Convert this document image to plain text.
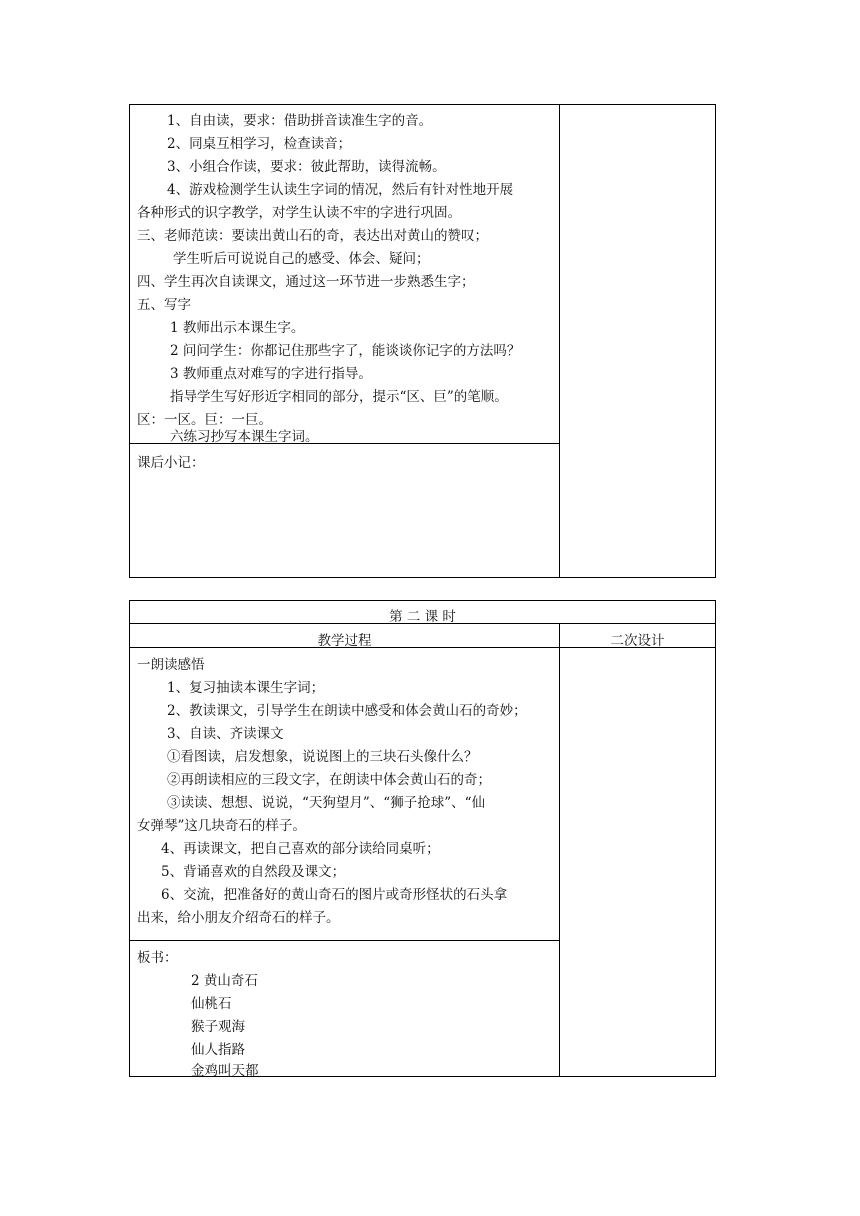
1、自由读，要求：借助拼音读准生字的音。
2、同桌互相学习，检查读音；
3、小组合作读，要求：彼此帮助，读得流畅。
4、游戏检测学生认读生字词的情况，然后有针对性地开展
各种形式的识字教学，对学生认读不牢的字进行巩固。
三、老师范读：要读出黄山石的奇，表达出对黄山的赞叹；
学生听后可说说自己的感受、体会、疑问；
四、学生再次自读课文，通过这一环节进一步熟悉生字；
五、写字
1 教师出示本课生字。
2 问问学生：你都记住那些字了，能谈谈你记字的方法吗？
3 教师重点对难写的字进行指导。
指导学生写好形近字相同的部分，提示“区、巨”的笔顺。
区：一区。巨：一巨。
六练习抄写本课生字词。
课后小记：
第 二 课 时
教学过程	二次设计
一朗读感悟
1、复习抽读本课生字词；
2、教读课文，引导学生在朗读中感受和体会黄山石的奇妙；
3、自读、齐读课文
①看图读，启发想象，说说图上的三块石头像什么？
②再朗读相应的三段文字，在朗读中体会黄山石的奇；
③读读、想想、说说，“天狗望月”、“狮子抢球”、“仙
女弹琴”这几块奇石的样子。
4、再读课文，把自己喜欢的部分读给同桌听；
5、背诵喜欢的自然段及课文；
6、交流，把准备好的黄山奇石的图片或奇形怪状的石头拿
出来，给小朋友介绍奇石的样子。
板书：
2 黄山奇石
仙桃石
猴子观海
仙人指路
金鸡叫天都
